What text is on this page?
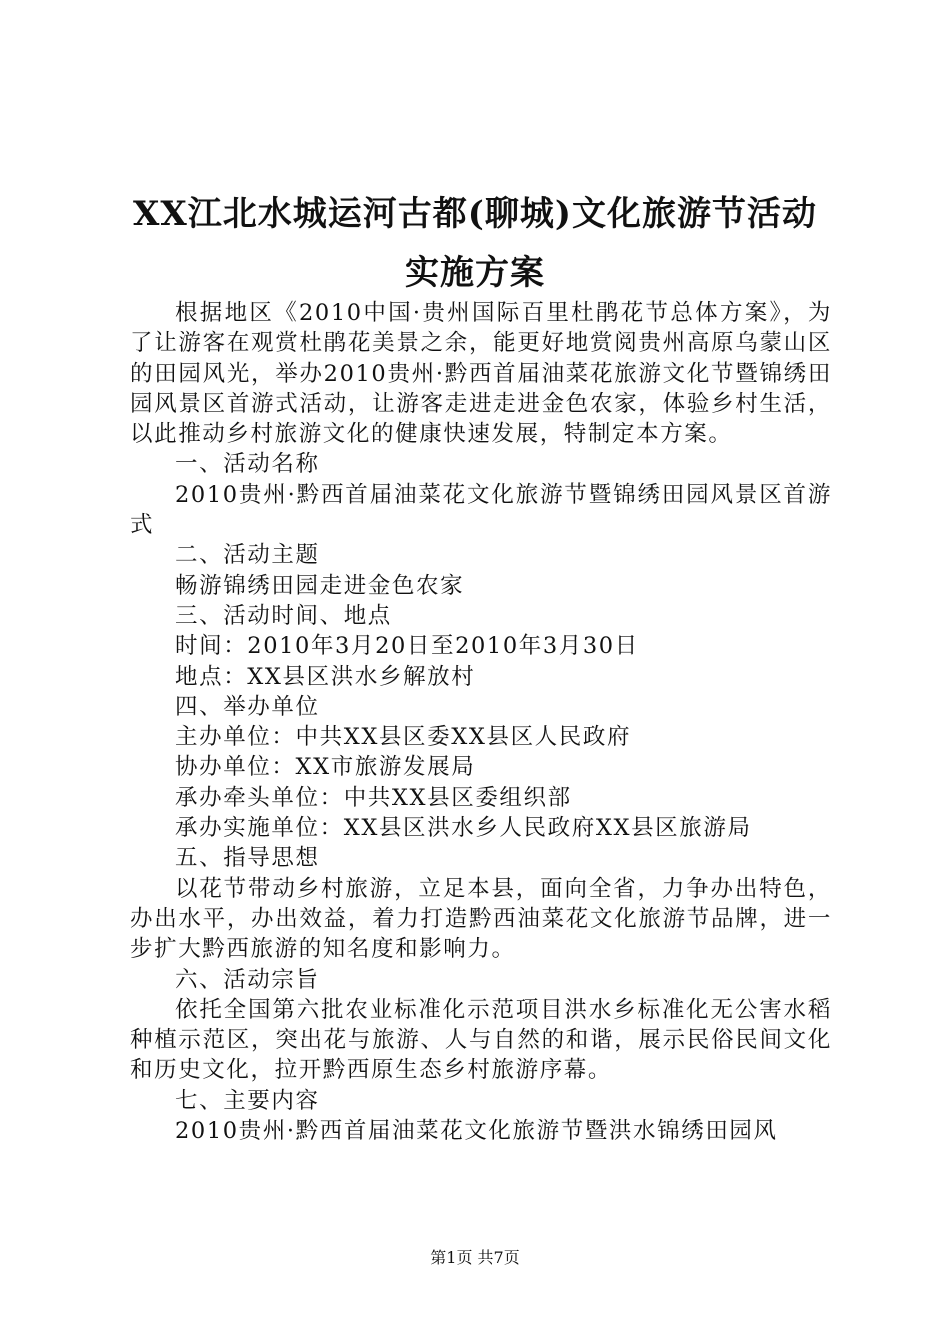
XX江北水城运河古都(聊城)文化旅游节活动
实施方案

根据地区《2010中国·贵州国际百里杜鹃花节总体方案》，为了让游客在观赏杜鹃花美景之余，能更好地赏阅贵州高原乌蒙山区的田园风光，举办2010贵州·黔西首届油菜花旅游文化节暨锦绣田园风景区首游式活动，让游客走进走进金色农家，体验乡村生活，以此推动乡村旅游文化的健康快速发展，特制定本方案。

一、活动名称

2010贵州·黔西首届油菜花文化旅游节暨锦绣田园风景区首游式

二、活动主题

畅游锦绣田园走进金色农家

三、活动时间、地点

时间：2010年3月20日至2010年3月30日

地点：XX县区洪水乡解放村

四、举办单位

主办单位：中共XX县区委XX县区人民政府

协办单位：XX市旅游发展局

承办牵头单位：中共XX县区委组织部

承办实施单位：XX县区洪水乡人民政府XX县区旅游局

五、指导思想

以花节带动乡村旅游，立足本县，面向全省，力争办出特色，办出水平，办出效益，着力打造黔西油菜花文化旅游节品牌，进一步扩大黔西旅游的知名度和影响力。

六、活动宗旨

依托全国第六批农业标准化示范项目洪水乡标准化无公害水稻种植示范区，突出花与旅游、人与自然的和谐，展示民俗民间文化和历史文化，拉开黔西原生态乡村旅游序幕。

七、主要内容

2010贵州·黔西首届油菜花文化旅游节暨洪水锦绣田园风

第1页 共7页
